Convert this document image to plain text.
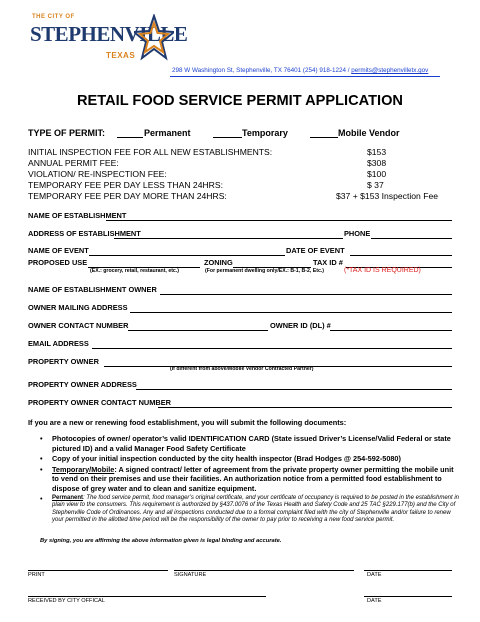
THE CITY OF
STEPHENVILLE
TEXAS
298 W Washington St, Stephenville, TX 76401 (254) 918-1224 / permits@stephenvilletx.gov
RETAIL FOOD SERVICE PERMIT APPLICATION
TYPE OF PERMIT:	Permanent	Temporary	Mobile Vendor
INITIAL INSPECTION FEE FOR ALL NEW ESTABLISHMENTS:	$153
ANNUAL PERMIT FEE:	$308
VIOLATION/ RE-INSPECTION FEE:	$100
TEMPORARY FEE PER DAY LESS THAN 24HRS:	$ 37
TEMPORARY FEE PER DAY MORE THAN 24HRS:	$37 + $153 Inspection Fee
NAME OF ESTABLISHMENT
ADDRESS OF ESTABLISHMENT	PHONE
NAME OF EVENT	DATE OF EVENT
PROPOSED USE	ZONING	TAX ID #
(EX.: grocery, retail, restaurant, etc.)	(For permanent dwelling only/EX.: B-1, B-2, Etc.)	(*TAX ID IS REQUIRED)
NAME OF ESTABLISHMENT OWNER
OWNER MAILING ADDRESS
OWNER CONTACT NUMBER	OWNER ID (DL) #
EMAIL ADDRESS
PROPERTY OWNER
(If different from above/Mobile Vendor Contracted Partner)
PROPERTY OWNER ADDRESS
PROPERTY OWNER CONTACT NUMBER
If you are a new or renewing food establishment, you will submit the following documents:
• Photocopies of owner/ operator’s valid IDENTIFICATION CARD (State issued Driver’s License/Valid Federal or state pictured ID) and a valid Manager Food Safety Certificate
• Copy of your initial inspection conducted by the city health inspector (Brad Hodges @ 254-592-5080)
• Temporary/Mobile: A signed contract/ letter of agreement from the private property owner permitting the mobile unit to vend on their premises and use their facilities. An authorization notice from a permitted food establishment to dispose of grey water and to clean and sanitize equipment.
• Permanent: The food service permit, food manager’s original certificate, and your certificate of occupancy is required to be posted in the establishment in plain view to the consumers. This requirement is authorized by §437.0076 of the Texas Health and Safety Code and 25 TAC §229.177(b) and the City of Stephenville Code of Ordinances. Any and all inspections conducted due to a formal complaint filed with the city of Stephenville and/or failure to renew your permitted in the allotted time period will be the responsibility of the owner to pay prior to receiving a new food service permit.
By signing, you are affirming the above information given is legal binding and accurate.
PRINT	SIGNATURE	DATE
RECEIVED BY CITY OFFICAL	DATE
